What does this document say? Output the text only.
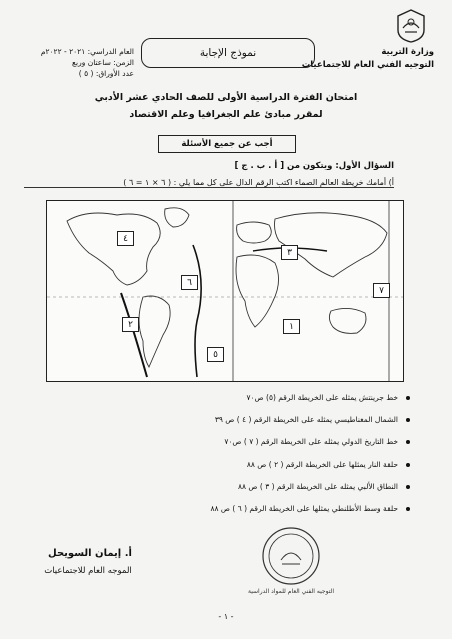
وزارة التربية
التوجيه الفني العام للاجتماعيات
العام الدراسي: ٢٠٢١ - ٢٠٢٢م
الزمن: ساعتان وربع
عدد الأوراق: ( ٥ )
نموذج الإجابة
امتحان الفترة الدراسية الأولى للصف الحادي عشر الأدبي
لمقرر مبادئ علم الجغرافيا وعلم الاقتصاد
أجب عن جميع الأسئلة
السؤال الأول: ويتكون من [ أ . ب . ج ]
أ) أمامك خريطة العالم الصماء اكتب الرقم الدال على كل مما يلي : ( ٦ × ١ = ٦ )
٤
٦
٢
٣
٥
١
٧
خط جرينتش يمثله على الخريطة الرقم (٥) ص٧٠
الشمال المغناطيسي يمثله على الخريطة الرقم ( ٤ ) ص ٣٩
خط التاريخ الدولي يمثله على الخريطة الرقم ( ٧ ) ص٧٠
حلقة النار يمثلها على الخريطة الرقم ( ٢ ) ص ٨٨
النطاق الألبي يمثله على الخريطة الرقم ( ٣ ) ص ٨٨
حلقة وسط الأطلنطي يمثلها على الخريطة الرقم ( ٦ ) ص ٨٨
أ. إيمان السويحل
الموجه العام للاجتماعيات
التوجيه الفني العام للمواد الدراسية
- ١ -
